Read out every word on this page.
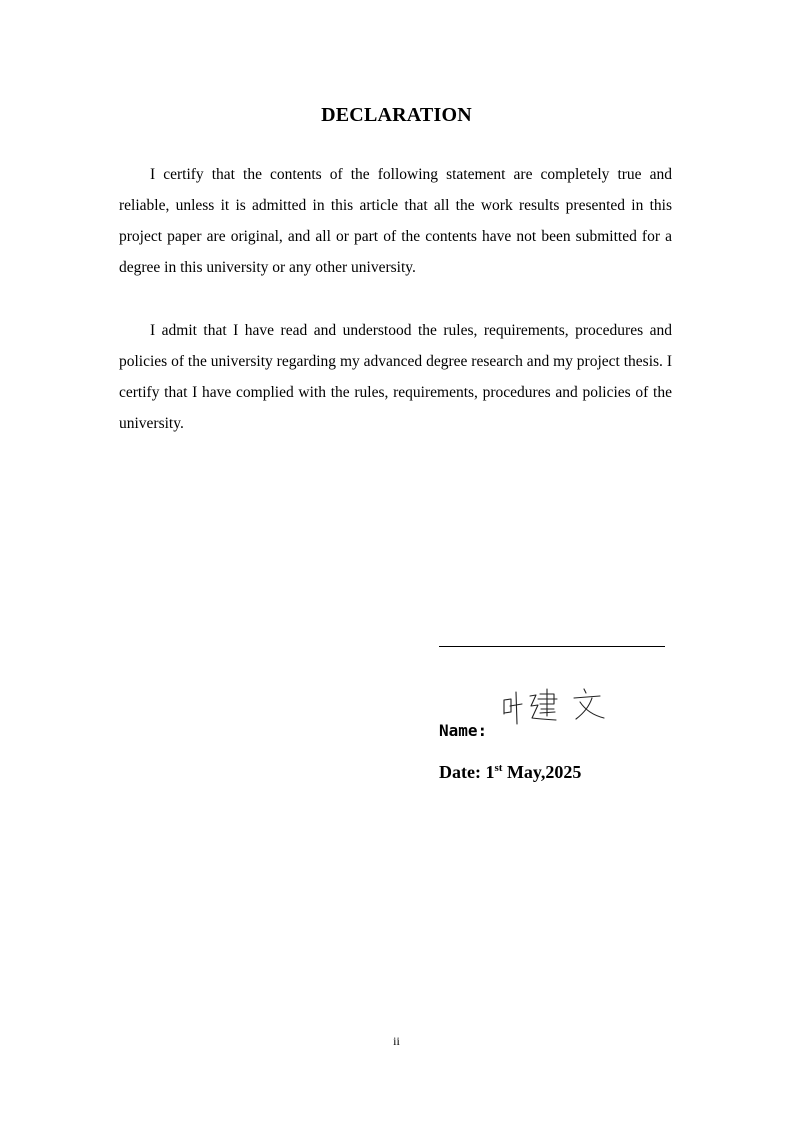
DECLARATION

I certify that the contents of the following statement are completely true and reliable, unless it is admitted in this article that all the work results presented in this project paper are original, and all or part of the contents have not been submitted for a degree in this university or any other university.

I admit that I have read and understood the rules, requirements, procedures and policies of the university regarding my advanced degree research and my project thesis. I certify that I have complied with the rules, requirements, procedures and policies of the university.

Name:
Date: 1st May,2025
ii
